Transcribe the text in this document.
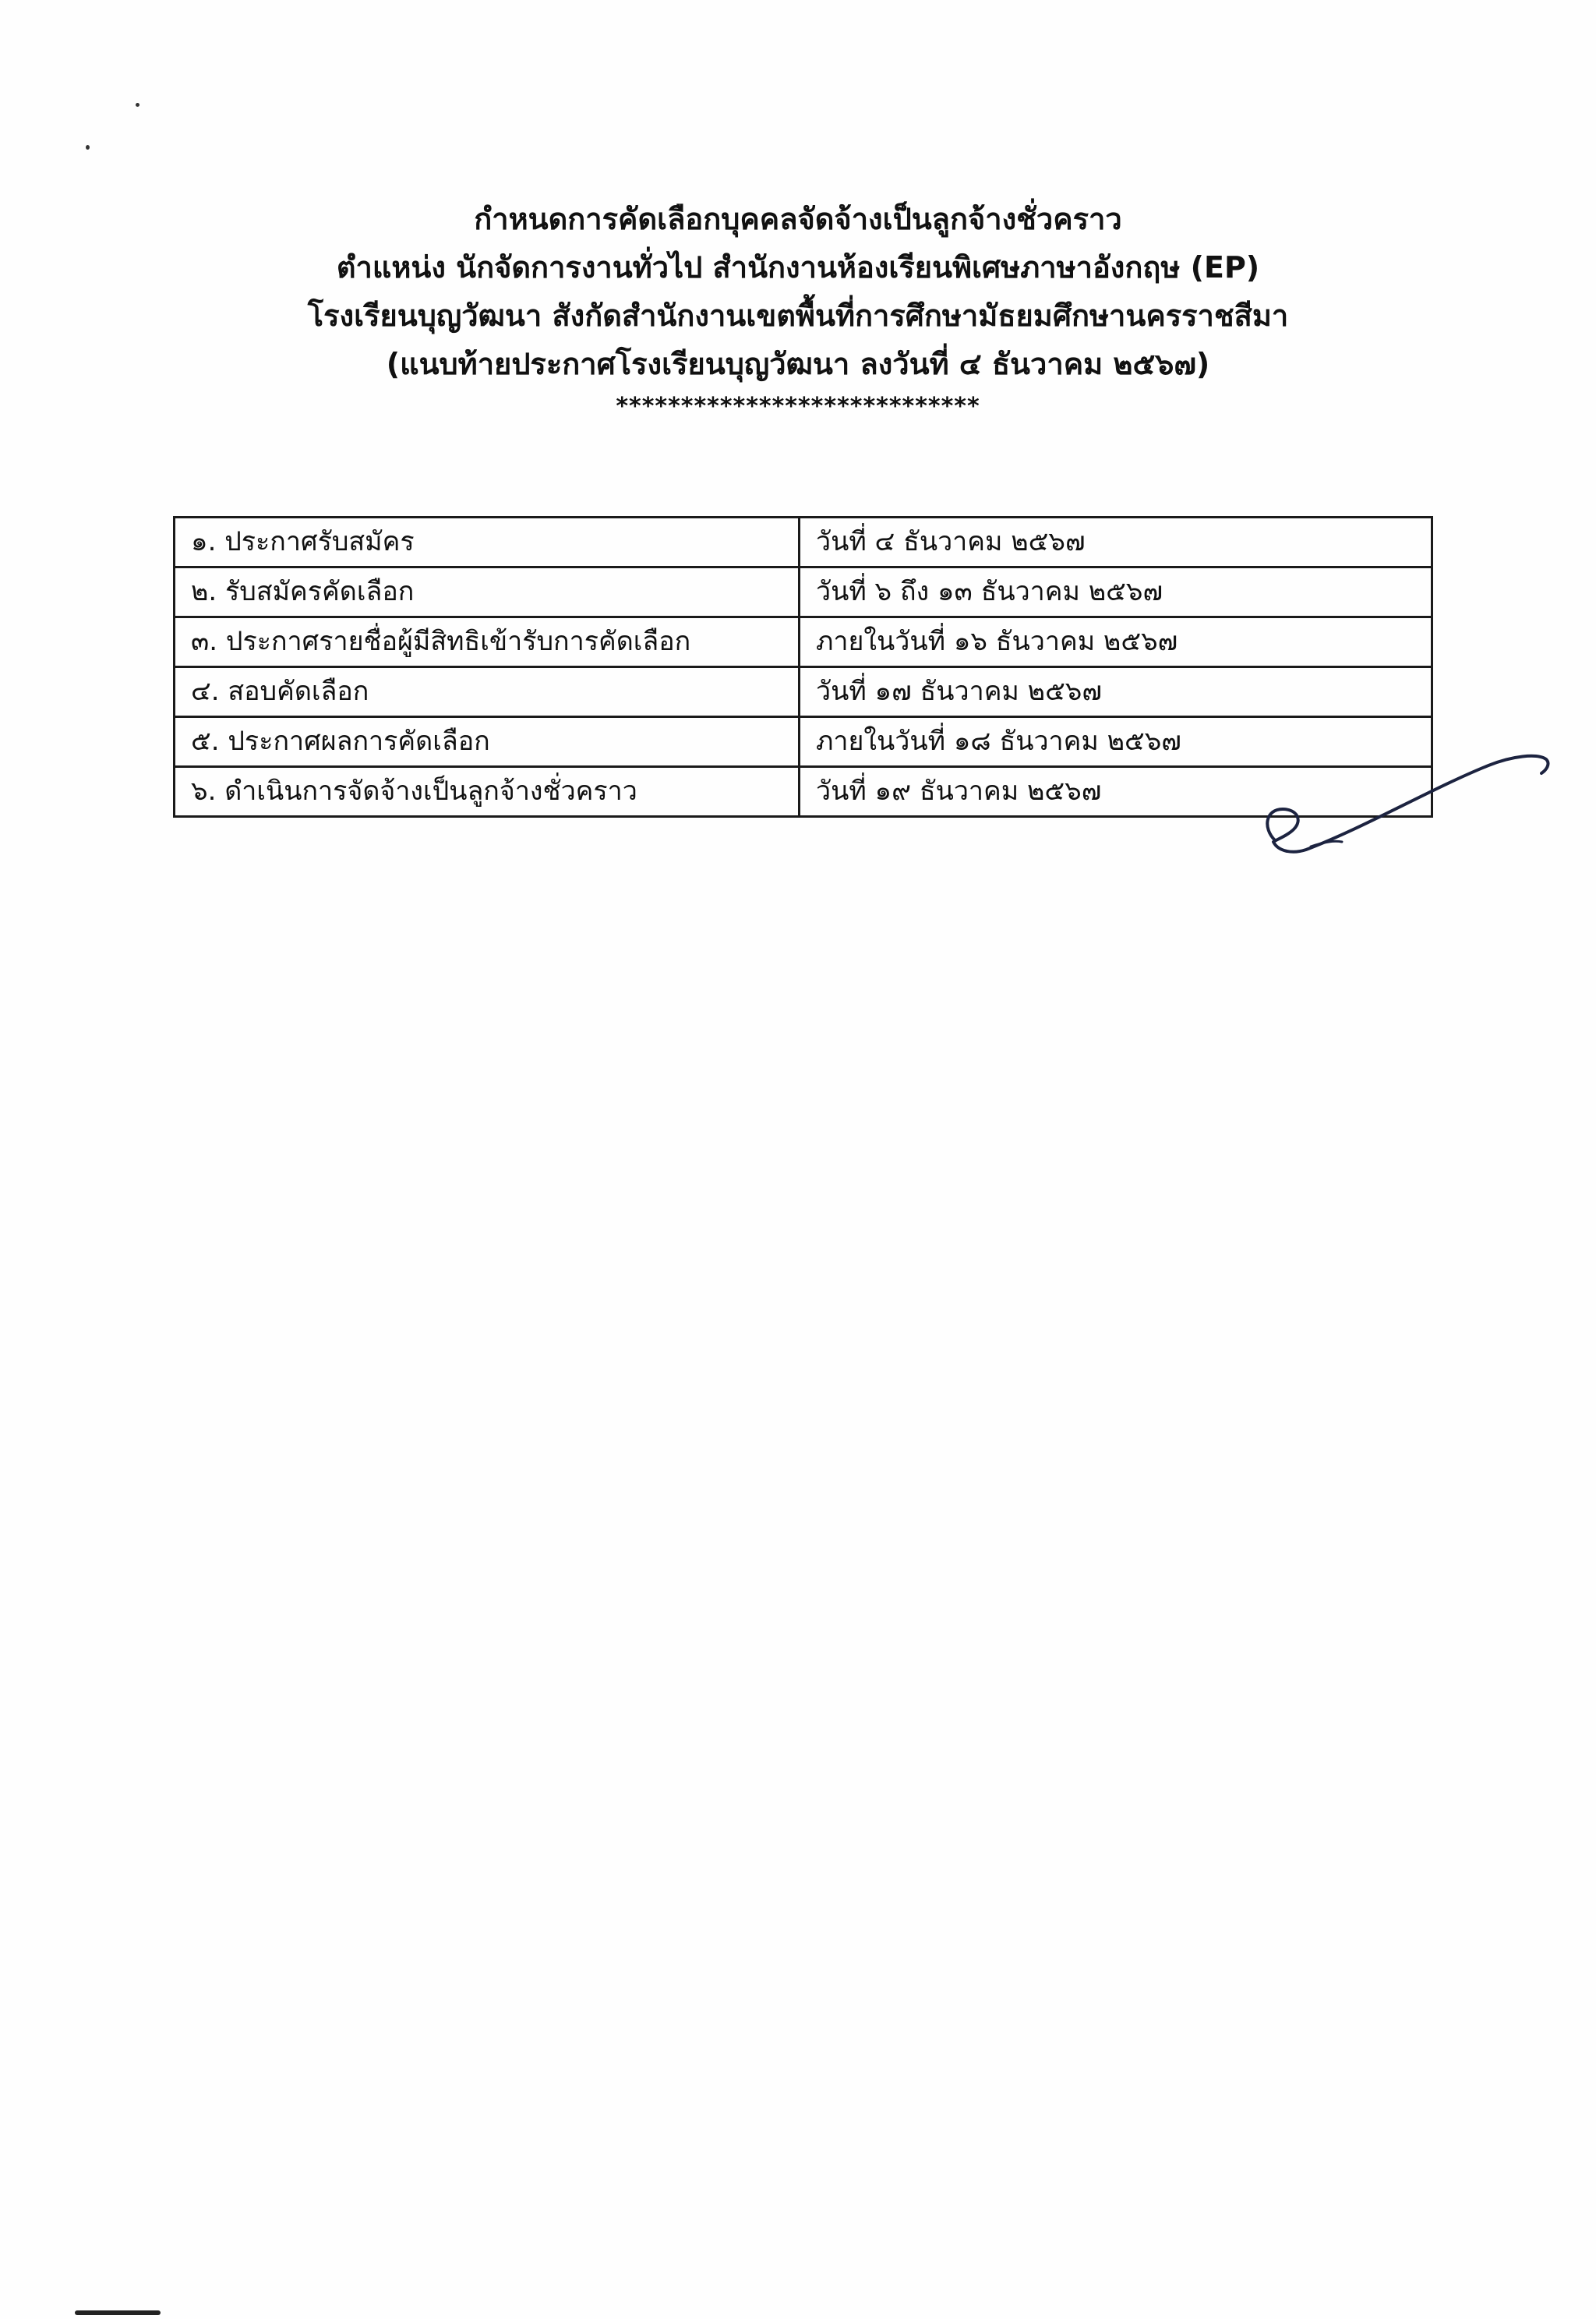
กำหนดการคัดเลือกบุคคลจัดจ้างเป็นลูกจ้างชั่วคราว
ตำแหน่ง นักจัดการงานทั่วไป สำนักงานห้องเรียนพิเศษภาษาอังกฤษ (EP)
โรงเรียนบุญวัฒนา สังกัดสำนักงานเขตพื้นที่การศึกษามัธยมศึกษานครราชสีมา
(แนบท้ายประกาศโรงเรียนบุญวัฒนา ลงวันที่ ๔ ธันวาคม ๒๕๖๗)
****************************
๑. ประกาศรับสมัคร	วันที่ ๔ ธันวาคม ๒๕๖๗
๒. รับสมัครคัดเลือก	วันที่ ๖ ถึง ๑๓ ธันวาคม ๒๕๖๗
๓. ประกาศรายชื่อผู้มีสิทธิเข้ารับการคัดเลือก	ภายในวันที่ ๑๖ ธันวาคม ๒๕๖๗
๔. สอบคัดเลือก	วันที่ ๑๗ ธันวาคม ๒๕๖๗
๕. ประกาศผลการคัดเลือก	ภายในวันที่ ๑๘ ธันวาคม ๒๕๖๗
๖. ดำเนินการจัดจ้างเป็นลูกจ้างชั่วคราว	วันที่ ๑๙ ธันวาคม ๒๕๖๗
